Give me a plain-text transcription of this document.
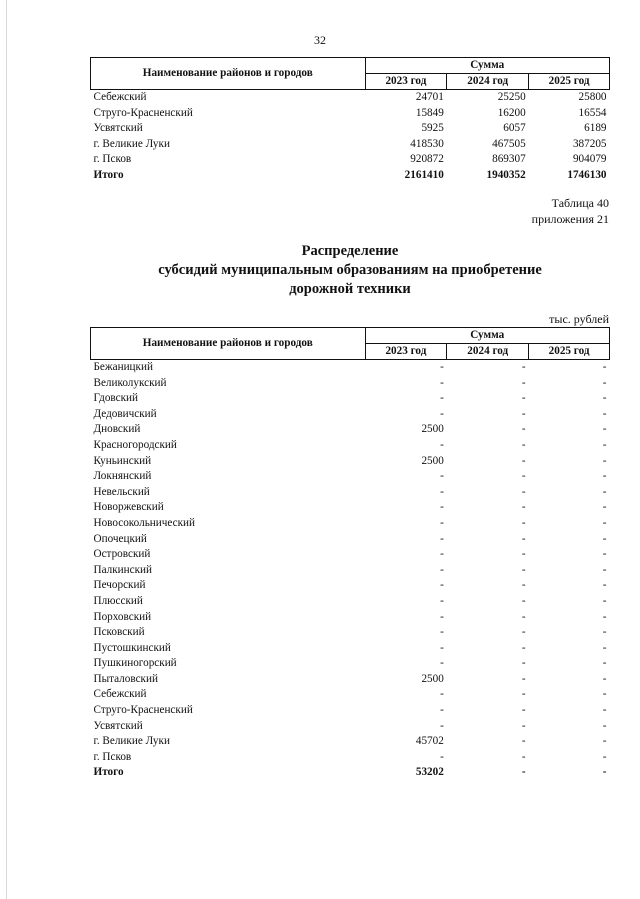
32
Наименование районов и городов	Сумма		
	2023 год	2024 год	2025 год
Себежский	24701	25250	25800
Струго-Красненский	15849	16200	16554
Усвятский	5925	6057	6189
г. Великие Луки	418530	467505	387205
г. Псков	920872	869307	904079
Итого	2161410	1940352	1746130
Таблица 40
приложения 21
Распределение
субсидий муниципальным образованиям на приобретение
дорожной техники
тыс. рублей
Наименование районов и городов	Сумма		
	2023 год	2024 год	2025 год
Бежаницкий	-	-	-
Великолукский	-	-	-
Гдовский	-	-	-
Дедовичский	-	-	-
Дновский	2500	-	-
Красногородский	-	-	-
Куньинский	2500	-	-
Локнянский	-	-	-
Невельский	-	-	-
Новоржевский	-	-	-
Новосокольнический	-	-	-
Опочецкий	-	-	-
Островский	-	-	-
Палкинский	-	-	-
Печорский	-	-	-
Плюсский	-	-	-
Порховский	-	-	-
Псковский	-	-	-
Пустошкинский	-	-	-
Пушкиногорский	-	-	-
Пыталовский	2500	-	-
Себежский	-	-	-
Струго-Красненский	-	-	-
Усвятский	-	-	-
г. Великие Луки	45702	-	-
г. Псков	-	-	-
Итого	53202	-	-
